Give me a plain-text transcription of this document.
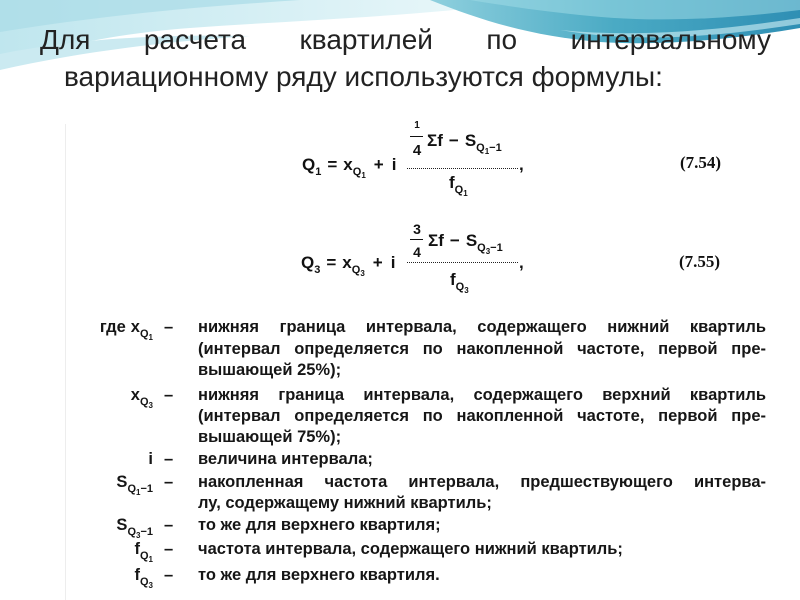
Для расчета квартилей по интервальному
вариационному ряду используются формулы:
Q 1 = x $Q_1$
+ i
1
4
Σf − S $Q_1-1$
f $Q_1$
,	(7.54)
Q 3 = x $Q_3$
+ i
3
4
Σf − S $Q_3-1$
f $Q_3$
,	(7.55)
где x $Q_1$
– нижняя граница интервала, содержащего нижний квартиль
(интервал определяется по накопленной частоте, первой пре-
вышающей 25%);
x $Q_3$
– нижняя граница интервала, содержащего верхний квартиль
(интервал определяется по накопленной частоте, первой пре-
вышающей 75%);
i – величина интервала;
S $Q_1-1$ – накопленная частота интервала, предшествующего интерва-
лу, содержащему нижний квартиль;
S $Q_3-1$ – то же для верхнего квартиля;
f $Q_1$
– частота интервала, содержащего нижний квартиль;
f $Q_3$
– то же для верхнего квартиля.
